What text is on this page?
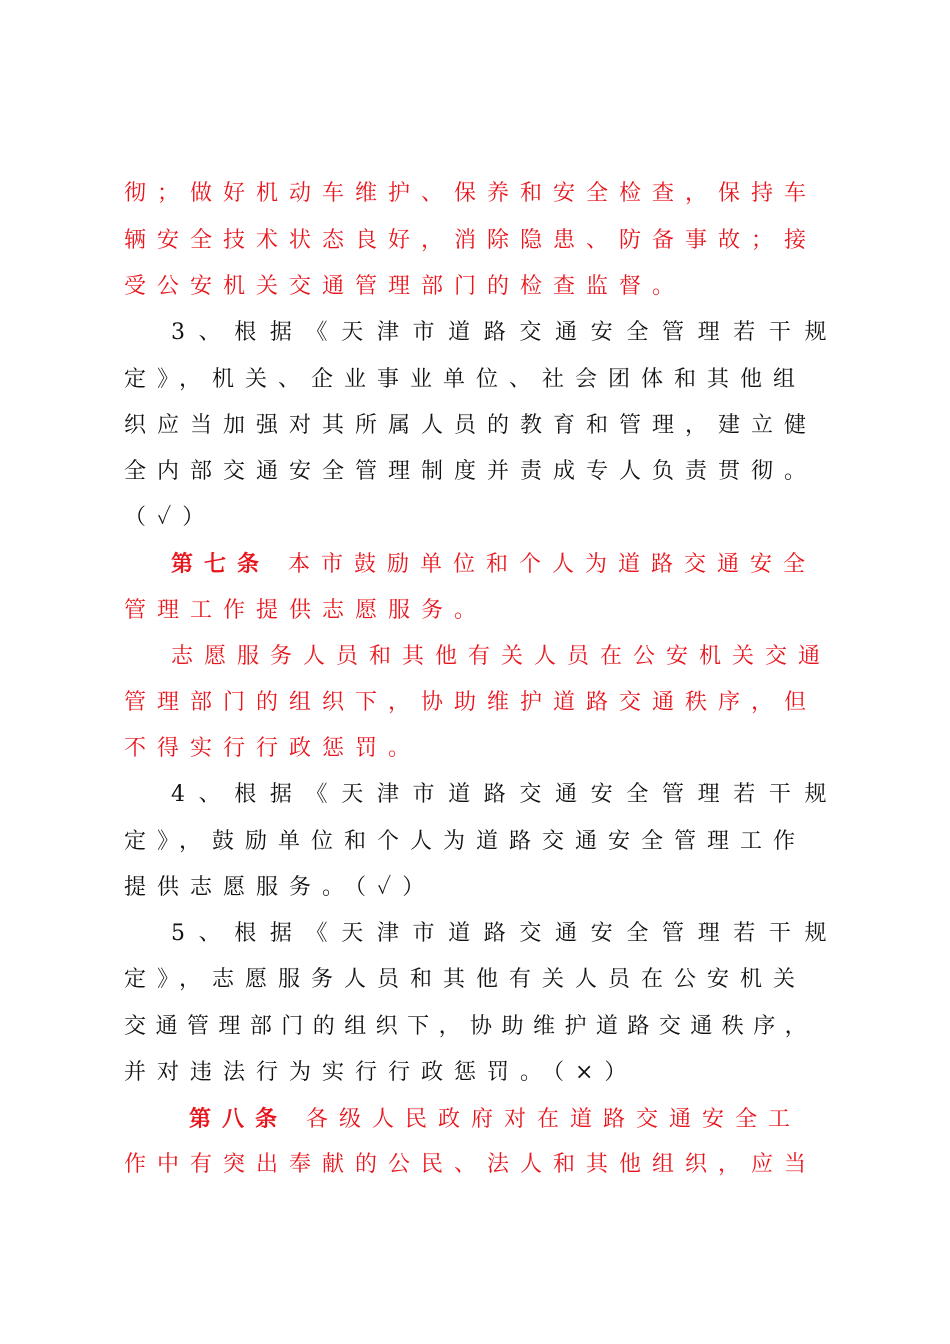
彻；做好机动车维护、保养和安全检查，保持车
辆安全技术状态良好，消除隐患、防备事故；接
受公安机关交通管理部门的检查监督。
3、根据《天津市道路交通安全管理若干规
定》，机关、企业事业单位、社会团体和其他组
织应当加强对其所属人员的教育和管理，建立健
全内部交通安全管理制度并责成专人负责贯彻。
（✓）
第七条 本市鼓励单位和个人为道路交通安全
管理工作提供志愿服务。
志愿服务人员和其他有关人员在公安机关交通
管理部门的组织下，协助维护道路交通秩序，但
不得实行行政惩罚。
4、根据《天津市道路交通安全管理若干规
定》，鼓励单位和个人为道路交通安全管理工作
提供志愿服务。（✓）
5、根据《天津市道路交通安全管理若干规
定》，志愿服务人员和其他有关人员在公安机关
交通管理部门的组织下，协助维护道路交通秩序，
并对违法行为实行行政惩罚。（×）
第八条 各级人民政府对在道路交通安全工
作中有突出奉献的公民、法人和其他组织，应当
